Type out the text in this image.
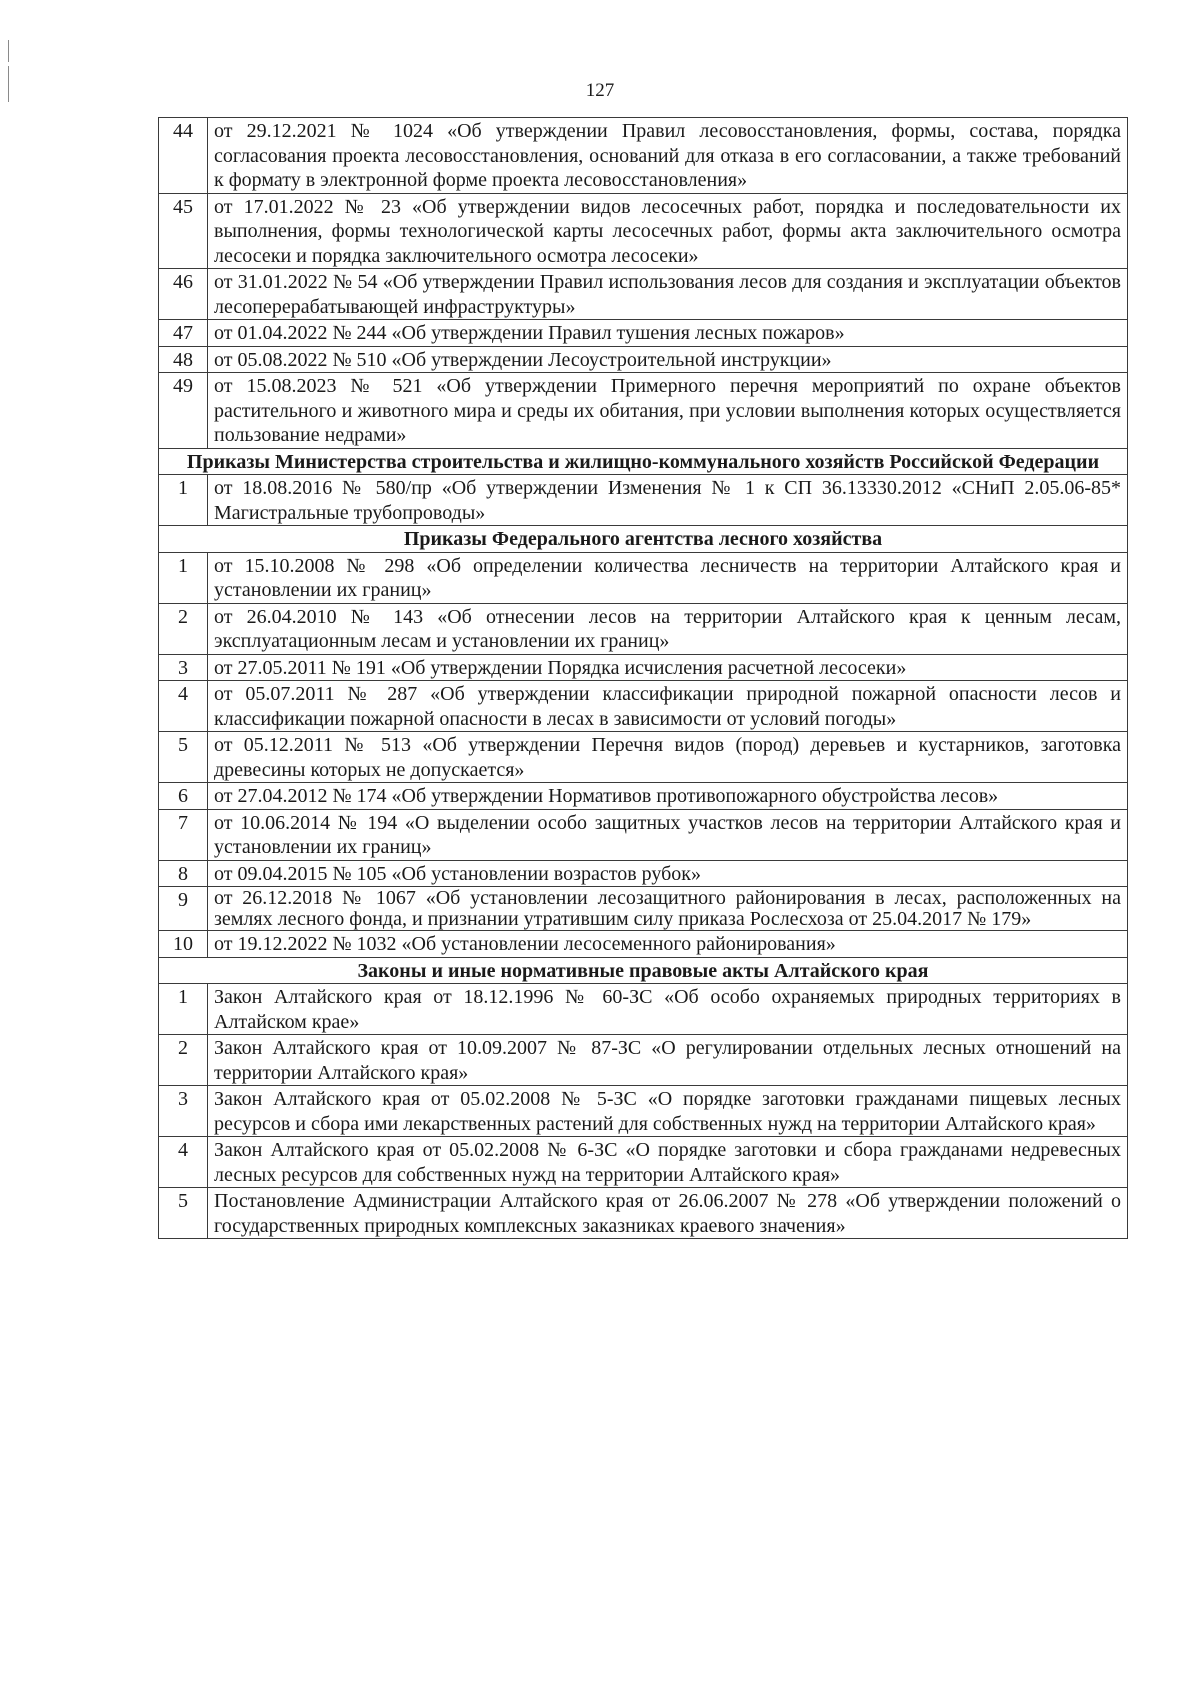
127
44	от 29.12.2021 № 1024 «Об утверждении Правил лесовосстановления, формы, состава, порядка согласования проекта лесовосстановления, оснований для отказа в его согласовании, а также требований к формату в электронной форме проекта лесовосстановления»
45	от 17.01.2022 № 23 «Об утверждении видов лесосечных работ, порядка и последовательности их выполнения, формы технологической карты лесосечных работ, формы акта заключительного осмотра лесосеки и порядка заключительного осмотра лесосеки»
46	от 31.01.2022 № 54 «Об утверждении Правил использования лесов для создания и эксплуатации объектов лесоперерабатывающей инфраструктуры»
47	от 01.04.2022 № 244 «Об утверждении Правил тушения лесных пожаров»
48	от 05.08.2022 № 510 «Об утверждении Лесоустроительной инструкции»
49	от 15.08.2023 № 521 «Об утверждении Примерного перечня мероприятий по охране объектов растительного и животного мира и среды их обитания, при условии выполнения которых осуществляется пользование недрами»
Приказы Министерства строительства и жилищно-коммунального хозяйств Российской Федерации	
1	от 18.08.2016 № 580/пр «Об утверждении Изменения № 1 к СП 36.13330.2012 «СНиП 2.05.06-85* Магистральные трубопроводы»
Приказы Федерального агентства лесного хозяйства	
1	от 15.10.2008 № 298 «Об определении количества лесничеств на территории Алтайского края и установлении их границ»
2	от 26.04.2010 № 143 «Об отнесении лесов на территории Алтайского края к ценным лесам, эксплуатационным лесам и установлении их границ»
3	от 27.05.2011 № 191 «Об утверждении Порядка исчисления расчетной лесосеки»
4	от 05.07.2011 № 287 «Об утверждении классификации природной пожарной опасности лесов и классификации пожарной опасности в лесах в зависимости от условий погоды»
5	от 05.12.2011 № 513 «Об утверждении Перечня видов (пород) деревьев и кустарников, заготовка древесины которых не допускается»
6	от 27.04.2012 № 174 «Об утверждении Нормативов противопожарного обустройства лесов»
7	от 10.06.2014 № 194 «О выделении особо защитных участков лесов на территории Алтайского края и установлении их границ»
8	от 09.04.2015 № 105 «Об установлении возрастов рубок»
9	от 26.12.2018 № 1067 «Об установлении лесозащитного районирования в лесах, расположенных на землях лесного фонда, и признании утратившим силу приказа Рослесхоза от 25.04.2017 № 179»
10	от 19.12.2022 № 1032 «Об установлении лесосеменного районирования»
Законы и иные нормативные правовые акты Алтайского края	
1	Закон Алтайского края от 18.12.1996 № 60-ЗС «Об особо охраняемых природных территориях в Алтайском крае»
2	Закон Алтайского края от 10.09.2007 № 87-ЗС «О регулировании отдельных лесных отношений на территории Алтайского края»
3	Закон Алтайского края от 05.02.2008 № 5-ЗС «О порядке заготовки гражданами пищевых лесных ресурсов и сбора ими лекарственных растений для собственных нужд на территории Алтайского края»
4	Закон Алтайского края от 05.02.2008 № 6-ЗС «О порядке заготовки и сбора гражданами недревесных лесных ресурсов для собственных нужд на территории Алтайского края»
5	Постановление Администрации Алтайского края от 26.06.2007 № 278 «Об утверждении положений о государственных природных комплексных заказниках краевого значения»
